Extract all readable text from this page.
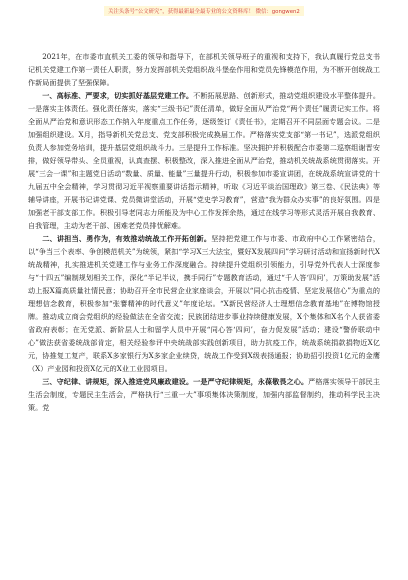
关注头条号“公文研究”，获得最新最全最专业的公文资料库！ 微信：gongwen2

2021年，在市委市直机关工委的领导和指导下，在部机关领导班子的重视和支持下，我认真履行党总支书记机关党建工作第一责任人职责，努力发挥部机关党组织战斗堡垒作用和党员先锋模范作用，为不断开创统战工作新局面提供了坚强保障。

一、高标准、严要求，切实抓好基层党建工作。不断拓展思路、创新形式，推动党组织建设水平整体提升。一是落实主体责任。强化责任落实，落实“三级书记”责任清单，做好全面从严治党“两个责任”履责记实工作。将全面从严治党和意识形态工作纳入年度重点工作任务，逐级签订《责任书》，定期召开不同层面专题会议。二是加强组织建设。X月，指导新机关党总支、党支部积极完成换届工作。严格落实党支部“第一书记”，选派党组织负责人参加党务培训，提升基层党组织战斗力。三是提升工作标准。坚决拥护并积极配合市委第二巡察组谢晋安排，做好领导带头、全员重视，认真查摆、积极整改，深入推进全面从严治党，推动机关统战系统贯彻落实。开展“三会一课”和主题党日活动“数量、质量、能量”三量提升行动，积极参加市委宣讲团，在统战系统宣讲党的十九届五中全会精神，学习贯彻习近平视察重要讲话指示精神，听取《习近平谈治国理政》第三卷、《民法典》等辅导讲座，开展书记讲党课、党员微讲堂活动，开展“党史学习教育”，营造“我为群众办实事”的良好氛围。四是加强老干部支部工作。积极引导老同志力所能及为中心工作发挥余热，通过在线学习等形式灵活开展自我教育、自我管理，主动为老干部、困难老党员排忧解难。

二、讲担当、勇作为，有效推动统战工作开拓创新。坚持把党建工作与市委、市政府中心工作紧密结合，以“争当三个表率、争创模范机关”为统领，紧扣“学习X三大法宝，暨好X发展四问”学习研讨活动和宣扬新时代X统战精神，扎实推进机关党建工作与业务工作深度融合。持续提升党组织引领能力，引导党外代表人士深度参与“十四五”编制规划相关工作，深化“半记半议，携手同行”专题教育活动，通过“千人答‘四问’，万策助发展”活动上报X篇高质量社情民意；协助召开全市民营企业家座谈会，开展以“同心抗击疫情、坚定发展信心”为重点的理想信念教育，积极参加“张謇精神的时代意义”年度论坛。“X新民营经济人士理想信念教育基地”在博物馆授牌。推动成立商会党组织的经验做法在全省交流；民族团结进步事业持续健康发展，X个集体和X名个人获省委省政府表彰；在无党派、新阶层人士和留学人员中开展“同心答‘四问’，奋力促发展”活动；建设“警侨联动中心”做法获省委统战部肯定，相关经验参评中央统战部实践创新项目，助力抗疫工作，统战系统捐款捐物近X亿元，协推复工复产，联系X多家银行为X多家企业续贷，统战工作受到X级表扬通报；协助招引投资1亿元的金鹰（X）产业园和投资X亿元的X业工业园项目。

三、守纪律、讲规矩，深入推进党风廉政建设。一是严守纪律规矩，永葆敬畏之心。严格落实领导干部民主生活会制度，专题民主生活会，严格执行“三重一大”事项集体决策制度，加强内部监督制约，推动科学民主决策。党
